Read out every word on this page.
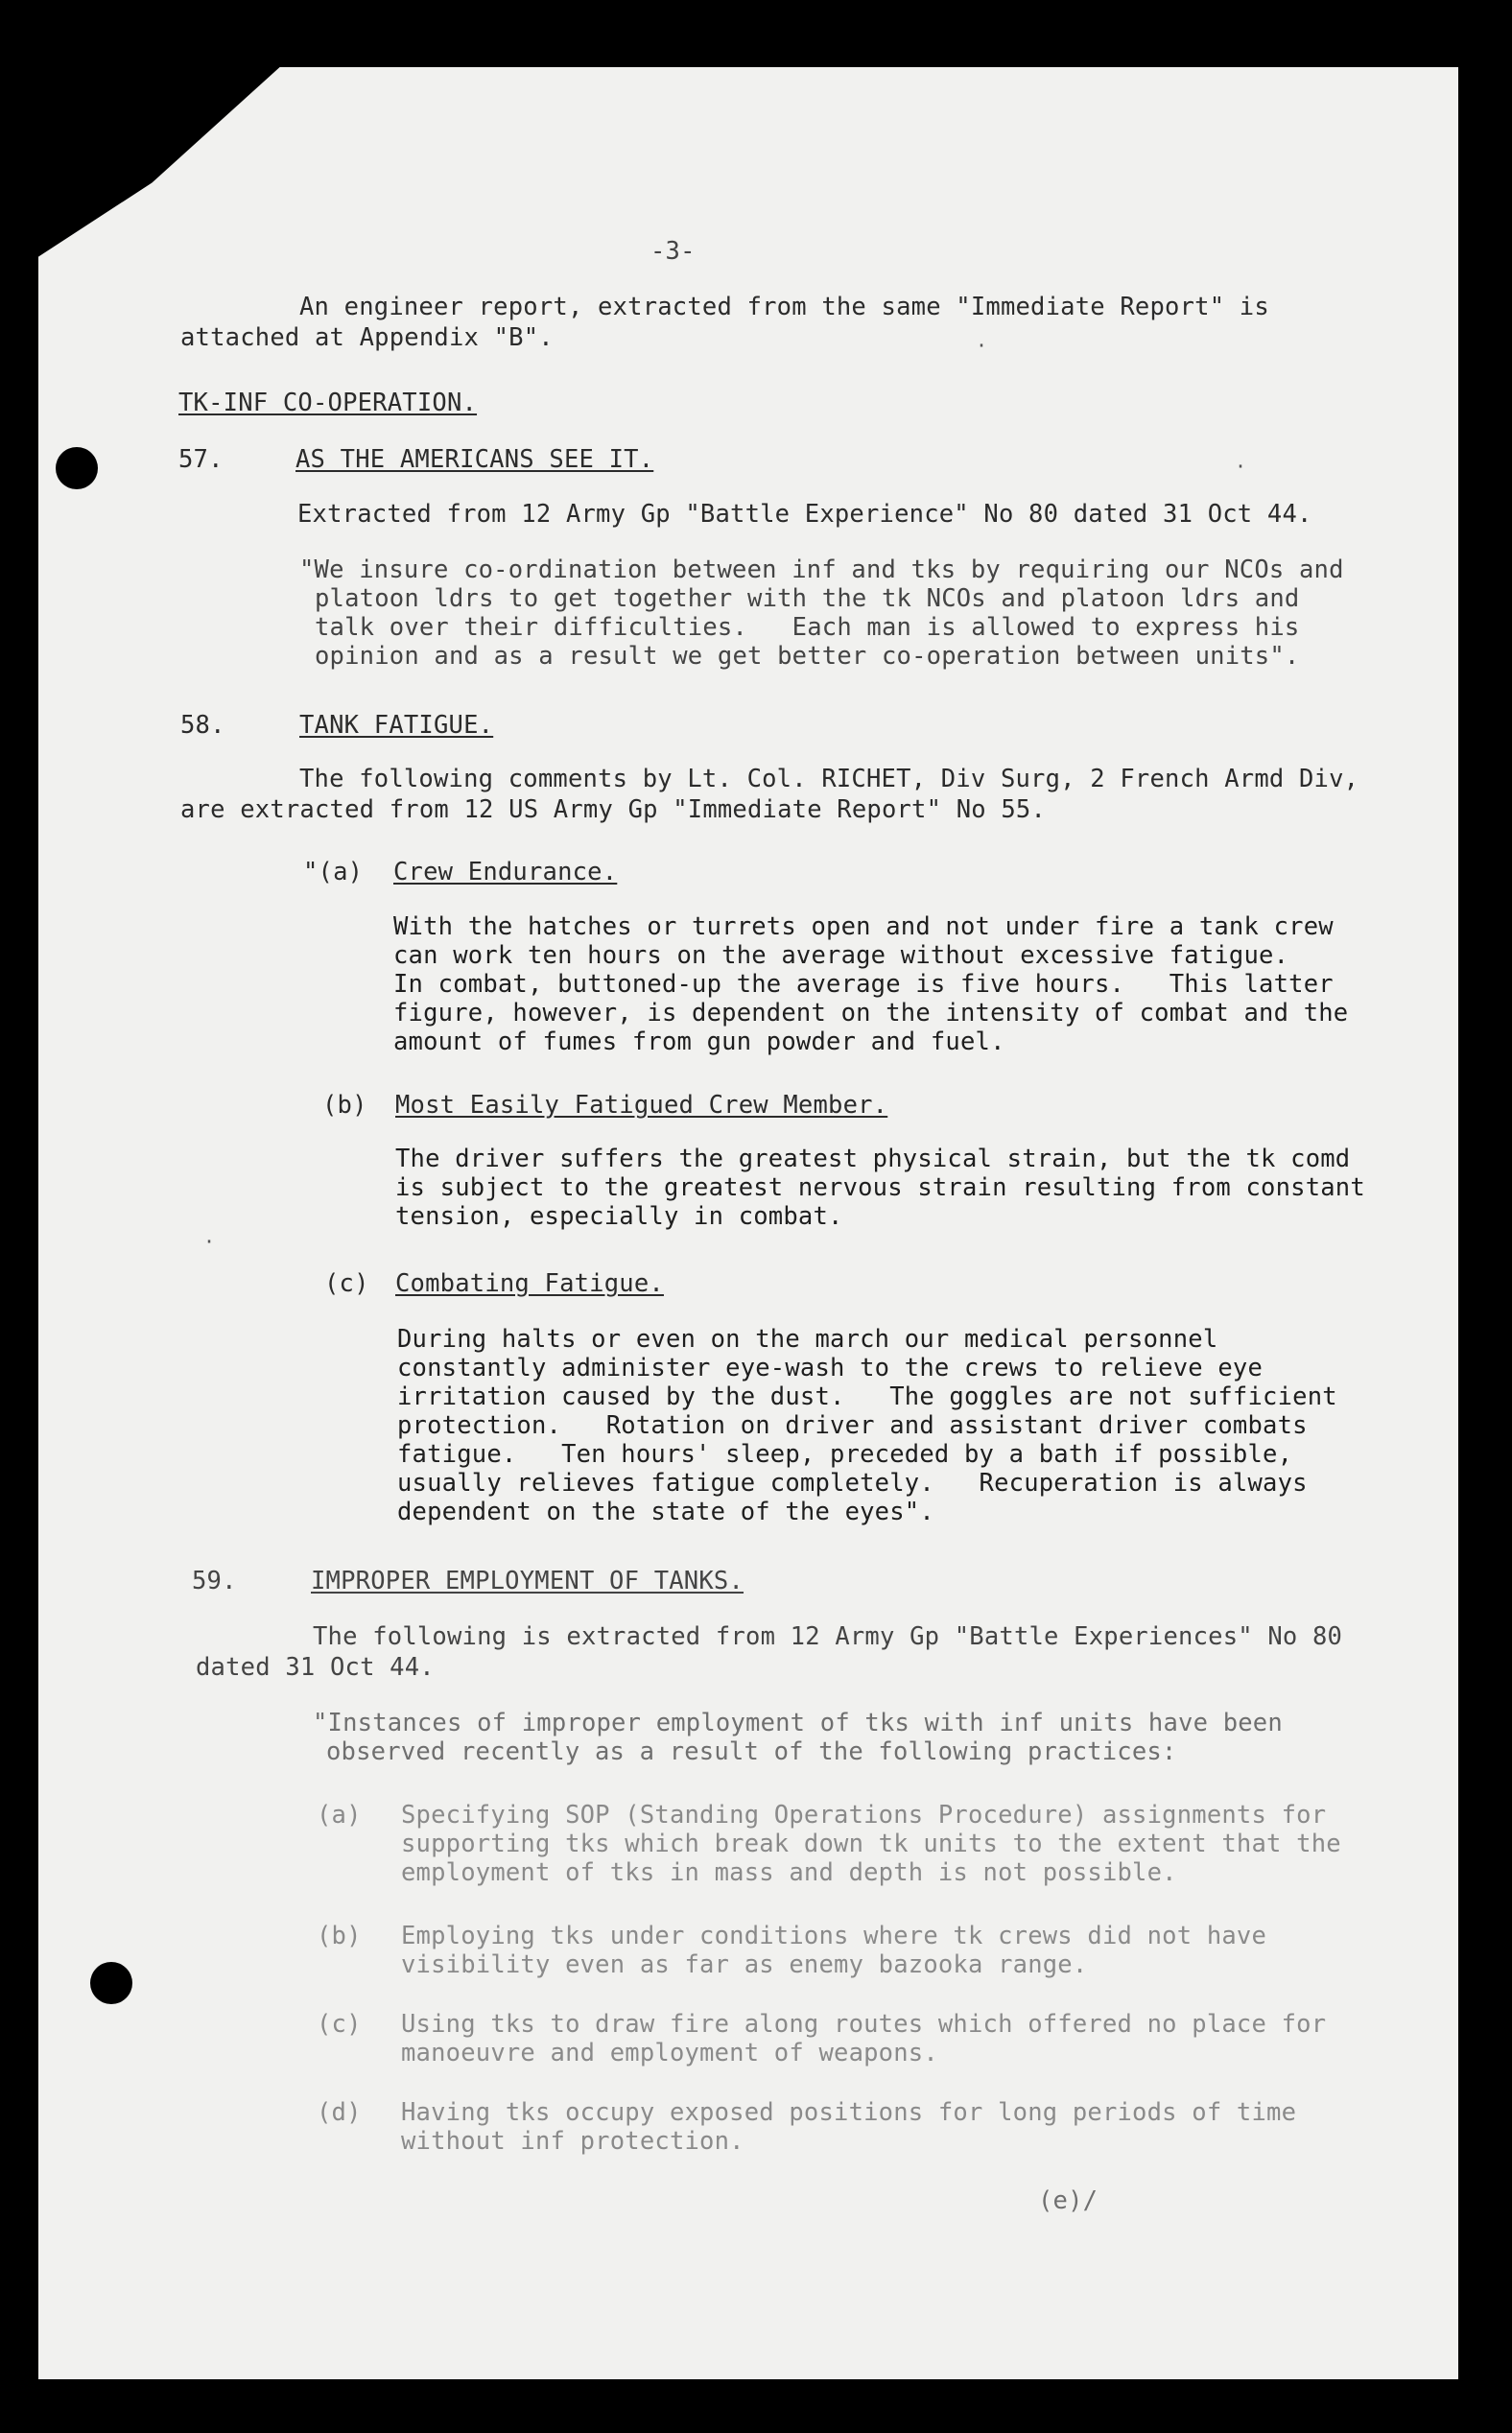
·
·
·

-3-

An engineer report, extracted from the same "Immediate Report" is

attached at Appendix "B".

TK-INF CO-OPERATION.

57.	AS THE AMERICANS SEE IT.

Extracted from 12 Army Gp "Battle Experience" No 80 dated 31 Oct 44.

"We insure co-ordination between inf and tks by requiring our NCOs and

platoon ldrs to get together with the tk NCOs and platoon ldrs and

talk over their difficulties.   Each man is allowed to express his

opinion and as a result we get better co-operation between units".

58.	TANK FATIGUE.

The following comments by Lt. Col. RICHET, Div Surg, 2 French Armd Div,

are extracted from 12 US Army Gp "Immediate Report" No 55.

"(a) Crew Endurance.

With the hatches or turrets open and not under fire a tank crew

can work ten hours on the average without excessive fatigue.

In combat, buttoned-up the average is five hours.   This latter

figure, however, is dependent on the intensity of combat and the

amount of fumes from gun powder and fuel.

(b) Most Easily Fatigued Crew Member.

The driver suffers the greatest physical strain, but the tk comd

is subject to the greatest nervous strain resulting from constant

tension, especially in combat.

(c) Combating Fatigue.

During halts or even on the march our medical personnel

constantly administer eye-wash to the crews to relieve eye

irritation caused by the dust.   The goggles are not sufficient

protection.   Rotation on driver and assistant driver combats

fatigue.   Ten hours' sleep, preceded by a bath if possible,

usually relieves fatigue completely.   Recuperation is always

dependent on the state of the eyes".

59.	IMPROPER EMPLOYMENT OF TANKS.

The following is extracted from 12 Army Gp "Battle Experiences" No 80

dated 31 Oct 44.

"Instances of improper employment of tks with inf units have been

observed recently as a result of the following practices:

(a) Specifying SOP (Standing Operations Procedure) assignments for

supporting tks which break down tk units to the extent that the

employment of tks in mass and depth is not possible.

(b) Employing tks under conditions where tk crews did not have

visibility even as far as enemy bazooka range.

(c) Using tks to draw fire along routes which offered no place for

manoeuvre and employment of weapons.

(d) Having tks occupy exposed positions for long periods of time

without inf protection.

(e)/
